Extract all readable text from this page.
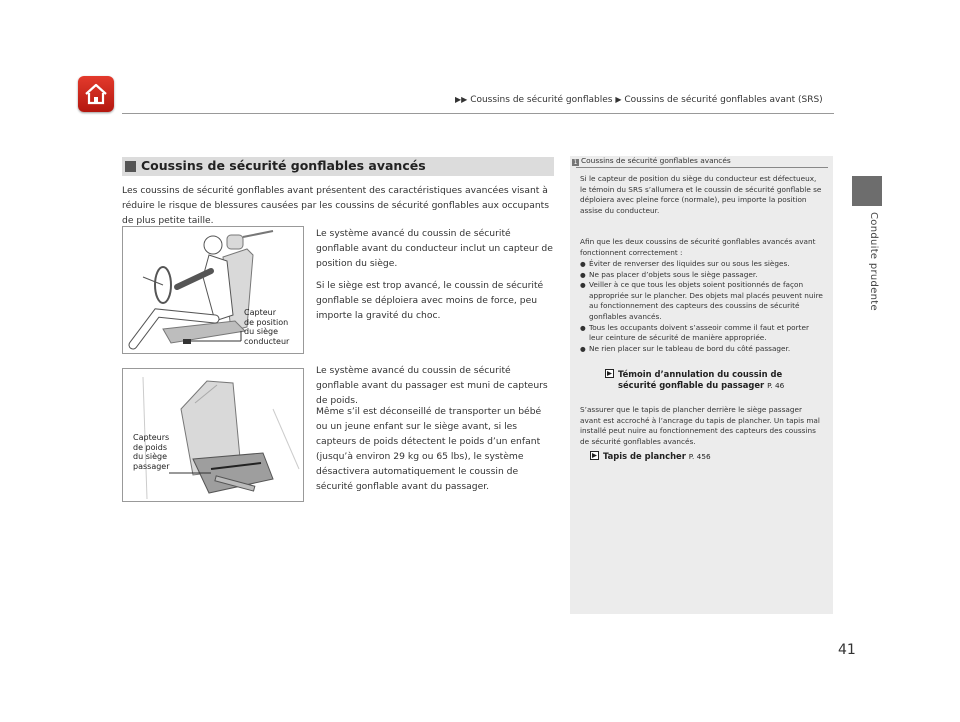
▶▶ Coussins de sécurité gonflables ▶ Coussins de sécurité gonflables avant (SRS)
Conduite prudente
Coussins de sécurité gonflables avancés
Les coussins de sécurité gonflables avant présentent des caractéristiques avancées visant à réduire le risque de blessures causées par les coussins de sécurité gonflables aux occupants de plus petite taille.
Capteur
de position
du siège
conducteur
Le système avancé du coussin de sécurité gonflable avant du conducteur inclut un capteur de position du siège.
Si le siège est trop avancé, le coussin de sécurité gonflable se déploiera avec moins de force, peu importe la gravité du choc.
Capteurs
de poids
du siège
passager
Le système avancé du coussin de sécurité gonflable avant du passager est muni de capteurs de poids.
Même s’il est déconseillé de transporter un bébé ou un jeune enfant sur le siège avant, si les capteurs de poids détectent le poids d’un enfant (jusqu’à environ 29 kg ou 65 lbs), le système désactivera automatiquement le coussin de sécurité gonflable avant du passager.
1 Coussins de sécurité gonflables avancés
Si le capteur de position du siège du conducteur est défectueux, le témoin du SRS s’allumera et le coussin de sécurité gonflable se déploiera avec pleine force (normale), peu importe la position assise du conducteur.
Afin que les deux coussins de sécurité gonflables avancés avant fonctionnent correctement :
● Éviter de renverser des liquides sur ou sous les sièges.
● Ne pas placer d’objets sous le siège passager.
● Veiller à ce que tous les objets soient positionnés de façon appropriée sur le plancher. Des objets mal placés peuvent nuire au fonctionnement des capteurs des coussins de sécurité gonflables avancés.
● Tous les occupants doivent s’asseoir comme il faut et porter leur ceinture de sécurité de manière appropriée.
● Ne rien placer sur le tableau de bord du côté passager.
Témoin d’annulation du coussin de
sécurité gonflable du passager P. 46
S’assurer que le tapis de plancher derrière le siège passager avant est accroché à l’ancrage du tapis de plancher. Un tapis mal installé peut nuire au fonctionnement des capteurs des coussins de sécurité gonflables avancés.
Tapis de plancher P. 456
41
